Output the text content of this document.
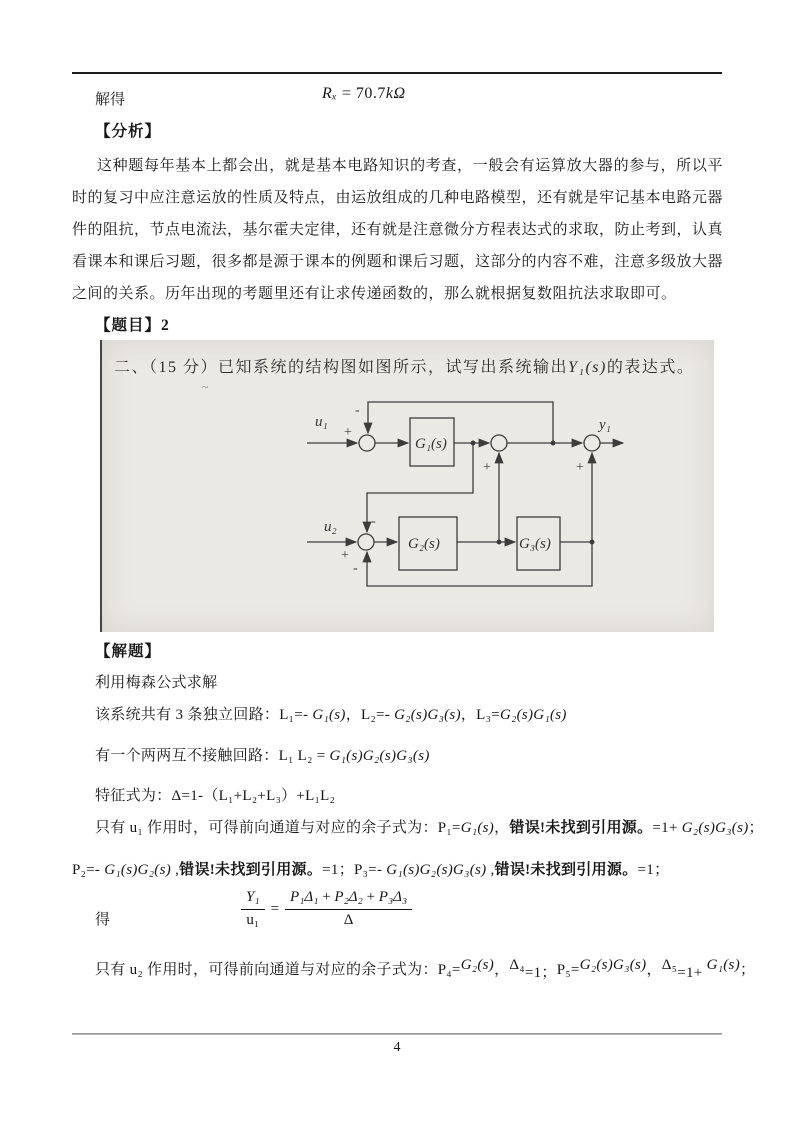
解得	Rₓ = 70.7kΩ
【分析】
这种题每年基本上都会出，就是基本电路知识的考查，一般会有运算放大器的参与，所以平时的复习中应注意运放的性质及特点，由运放组成的几种电路模型，还有就是牢记基本电路元器件的阻抗，节点电流法，基尔霍夫定律，还有就是注意微分方程表达式的求取，防止考到，认真看课本和课后习题，很多都是源于课本的例题和课后习题，这部分的内容不难，注意多级放大器之间的关系。历年出现的考题里还有让求传递函数的，那么就根据复数阻抗法求取即可。
【题目】2
二、（15 分）已知系统的结构图如图所示，试写出系统输出Y₁(s)的表达式。
~
u₁
u₂
y₁
G₁(s)
G₂(s)	G₃(s)
+
-
+	+
-
+
-
【解题】
利用梅森公式求解
该系统共有 3 条独立回路：L₁=- G₁(s)，L₂=- G₂(s)G₃(s)，L₃=G₂(s)G₁(s)
有一个两两互不接触回路：L₁ L₂ = G₁(s)G₂(s)G₃(s)
特征式为：Δ=1-（L₁+L₂+L₃）+L₁L₂
只有 u₁ 作用时，可得前向通道与对应的余子式为：P₁=G₁(s)，错误!未找到引用源。=1+ G₂(s)G₃(s)；
P₂=- G₁(s)G₂(s) ,错误!未找到引用源。=1；P₃=- G₁(s)G₂(s)G₃(s) ,错误!未找到引用源。=1；
得	$\frac{\text{Y₁}}{\text{u₁}} = \frac{\text{P₁Δ₁ + P₂Δ₂ + P₃Δ₃}}{\Delta}$
只有 u₂ 作用时，可得前向通道与对应的余子式为：P₄=G₂(s)，Δ₄=1；P₅=G₂(s)G₃(s)，Δ₅=1+ G₁(s)；
4
